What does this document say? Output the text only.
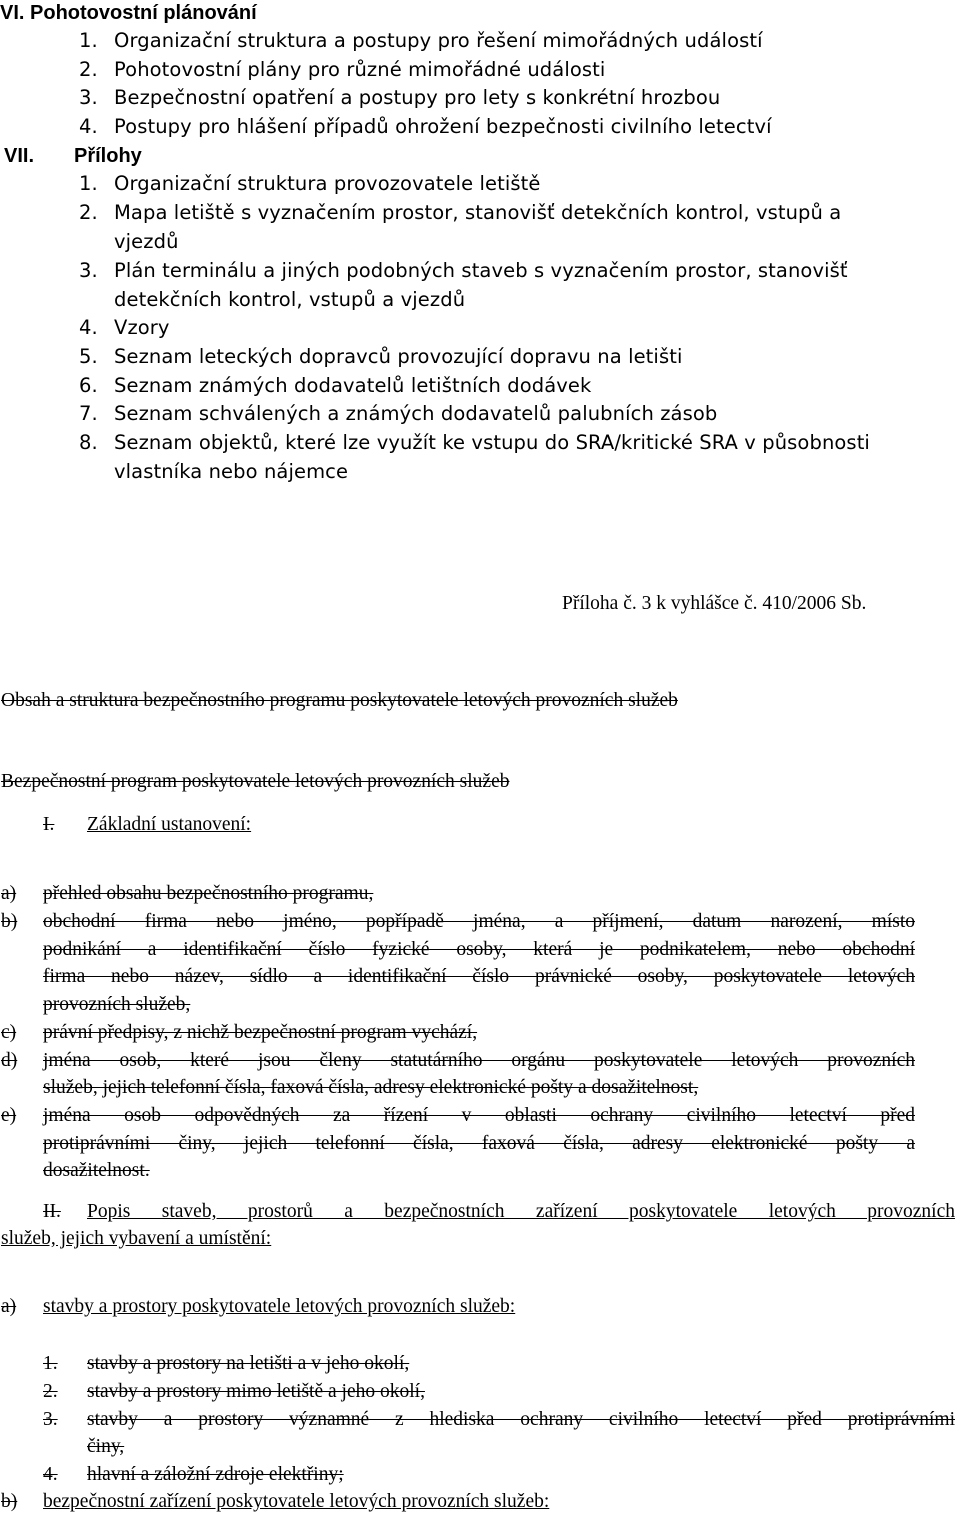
VI. Pohotovostní plánování
1. Organizační struktura a postupy pro řešení mimořádných událostí
2. Pohotovostní plány pro různé mimořádné události
3. Bezpečnostní opatření a postupy pro lety s konkrétní hrozbou
4. Postupy pro hlášení případů ohrožení bezpečnosti civilního letectví
VII. Přílohy
1. Organizační struktura provozovatele letiště
2. Mapa letiště s vyznačením prostor, stanovišť detekčních kontrol, vstupů a
vjezdů
3. Plán terminálu a jiných podobných staveb s vyznačením prostor, stanovišť
detekčních kontrol, vstupů a vjezdů
4. Vzory
5. Seznam leteckých dopravců provozující dopravu na letišti
6. Seznam známých dodavatelů letištních dodávek
7. Seznam schválených a známých dodavatelů palubních zásob
8. Seznam objektů, které lze využít ke vstupu do SRA/kritické SRA v působnosti
vlastníka nebo nájemce
Příloha č. 3 k vyhlášce č. 410/2006 Sb.
Obsah a struktura bezpečnostního programu poskytovatele letových provozních služeb
Bezpečnostní program poskytovatele letových provozních služeb
I. Základní ustanovení:
a) přehled obsahu bezpečnostního programu,
b) obchodní firma nebo jméno, popřípadě jména, a příjmení, datum narození, místo
podnikání a identifikační číslo fyzické osoby, která je podnikatelem, nebo obchodní
firma nebo název, sídlo a identifikační číslo právnické osoby, poskytovatele letových
provozních služeb,
c) právní předpisy, z nichž bezpečnostní program vychází,
d) jména osob, které jsou členy statutárního orgánu poskytovatele letových provozních
služeb, jejich telefonní čísla, faxová čísla, adresy elektronické pošty a dosažitelnost,
e) jména osob odpovědných za řízení v oblasti ochrany civilního letectví před
protiprávními činy, jejich telefonní čísla, faxová čísla, adresy elektronické pošty a
dosažitelnost.
II. Popis staveb, prostorů a bezpečnostních zařízení poskytovatele letových provozních
služeb, jejich vybavení a umístění:
a) stavby a prostory poskytovatele letových provozních služeb:
1. stavby a prostory na letišti a v jeho okolí,
2. stavby a prostory mimo letiště a jeho okolí,
3. stavby a prostory významné z hlediska ochrany civilního letectví před protiprávními
činy,
4. hlavní a záložní zdroje elektřiny;
b) bezpečnostní zařízení poskytovatele letových provozních služeb:
